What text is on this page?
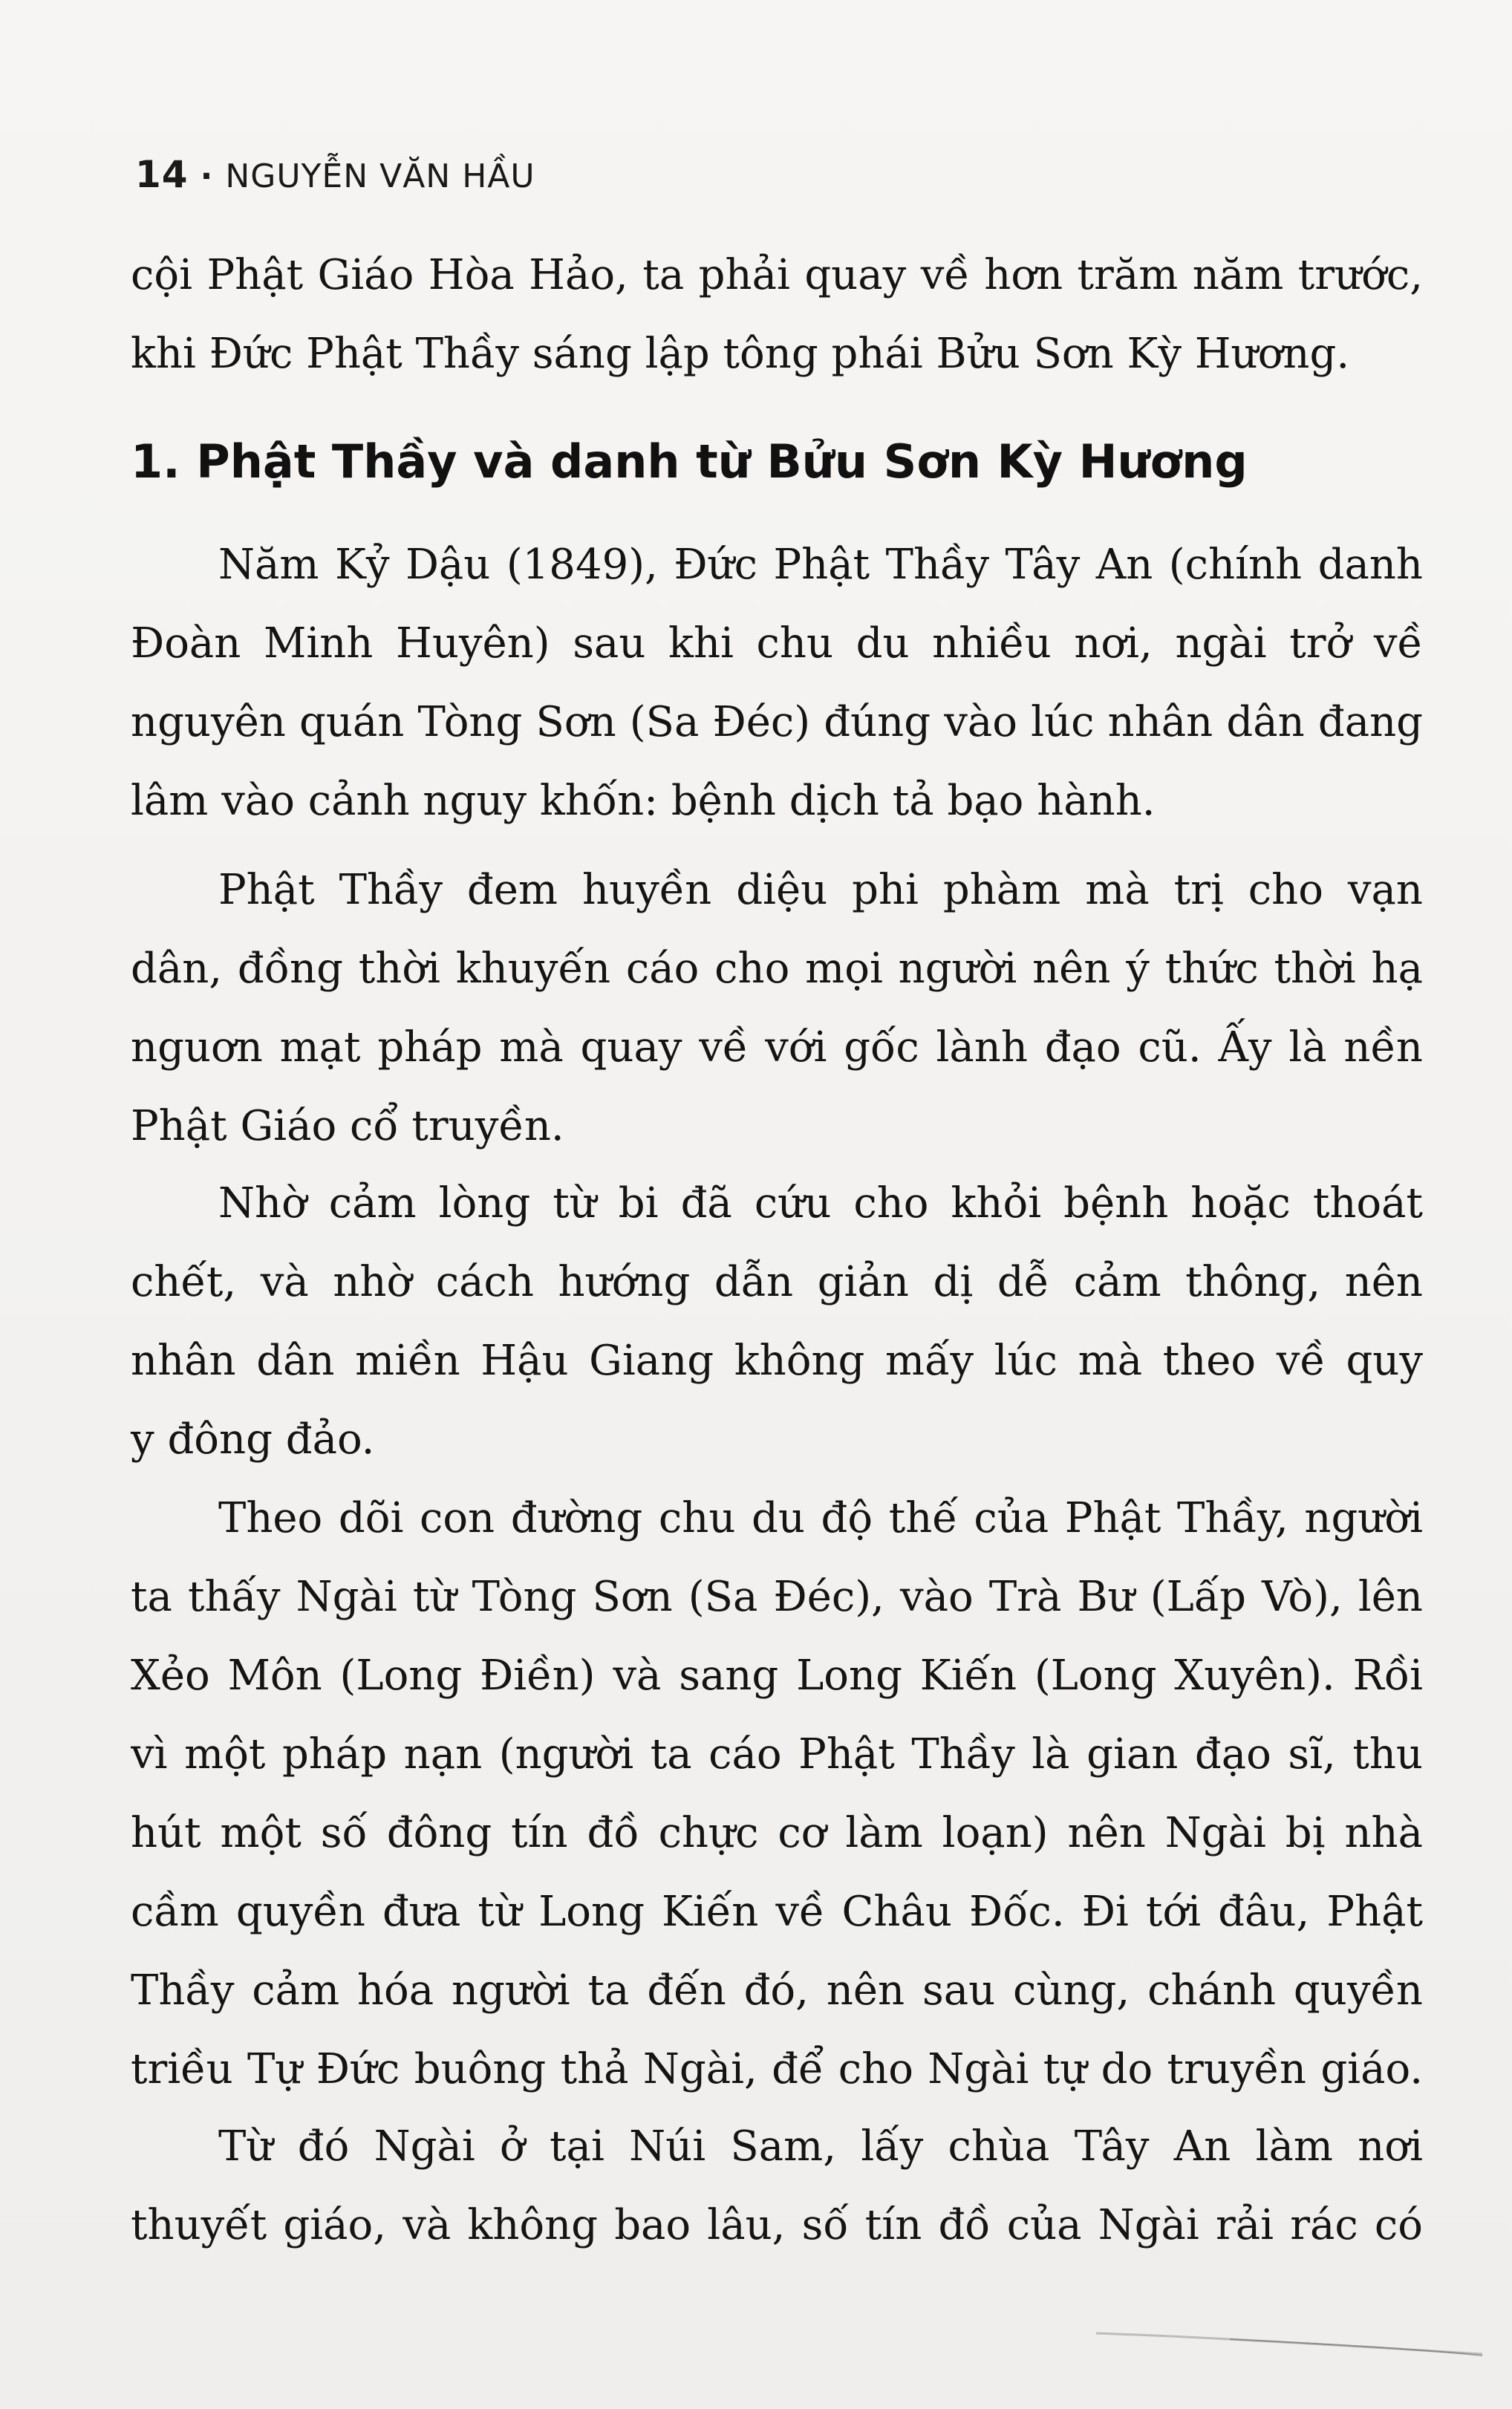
14 · NGUYỄN VĂN HẦU
cội Phật Giáo Hòa Hảo, ta phải quay về hơn trăm năm trước,
khi Đức Phật Thầy sáng lập tông phái Bửu Sơn Kỳ Hương.
1. Phật Thầy và danh từ Bửu Sơn Kỳ Hương
Năm Kỷ Dậu (1849), Đức Phật Thầy Tây An (chính danh
Đoàn Minh Huyên) sau khi chu du nhiều nơi, ngài trở về
nguyên quán Tòng Sơn (Sa Đéc) đúng vào lúc nhân dân đang
lâm vào cảnh nguy khốn: bệnh dịch tả bạo hành.
Phật Thầy đem huyền diệu phi phàm mà trị cho vạn
dân, đồng thời khuyến cáo cho mọi người nên ý thức thời hạ
nguơn mạt pháp mà quay về với gốc lành đạo cũ. Ấy là nền
Phật Giáo cổ truyền.
Nhờ cảm lòng từ bi đã cứu cho khỏi bệnh hoặc thoát
chết, và nhờ cách hướng dẫn giản dị dễ cảm thông, nên
nhân dân miền Hậu Giang không mấy lúc mà theo về quy
y đông đảo.
Theo dõi con đường chu du độ thế của Phật Thầy, người
ta thấy Ngài từ Tòng Sơn (Sa Đéc), vào Trà Bư (Lấp Vò), lên
Xẻo Môn (Long Điền) và sang Long Kiến (Long Xuyên). Rồi
vì một pháp nạn (người ta cáo Phật Thầy là gian đạo sĩ, thu
hút một số đông tín đồ chực cơ làm loạn) nên Ngài bị nhà
cầm quyền đưa từ Long Kiến về Châu Đốc. Đi tới đâu, Phật
Thầy cảm hóa người ta đến đó, nên sau cùng, chánh quyền
triều Tự Đức buông thả Ngài, để cho Ngài tự do truyền giáo.
Từ đó Ngài ở tại Núi Sam, lấy chùa Tây An làm nơi
thuyết giáo, và không bao lâu, số tín đồ của Ngài rải rác có
